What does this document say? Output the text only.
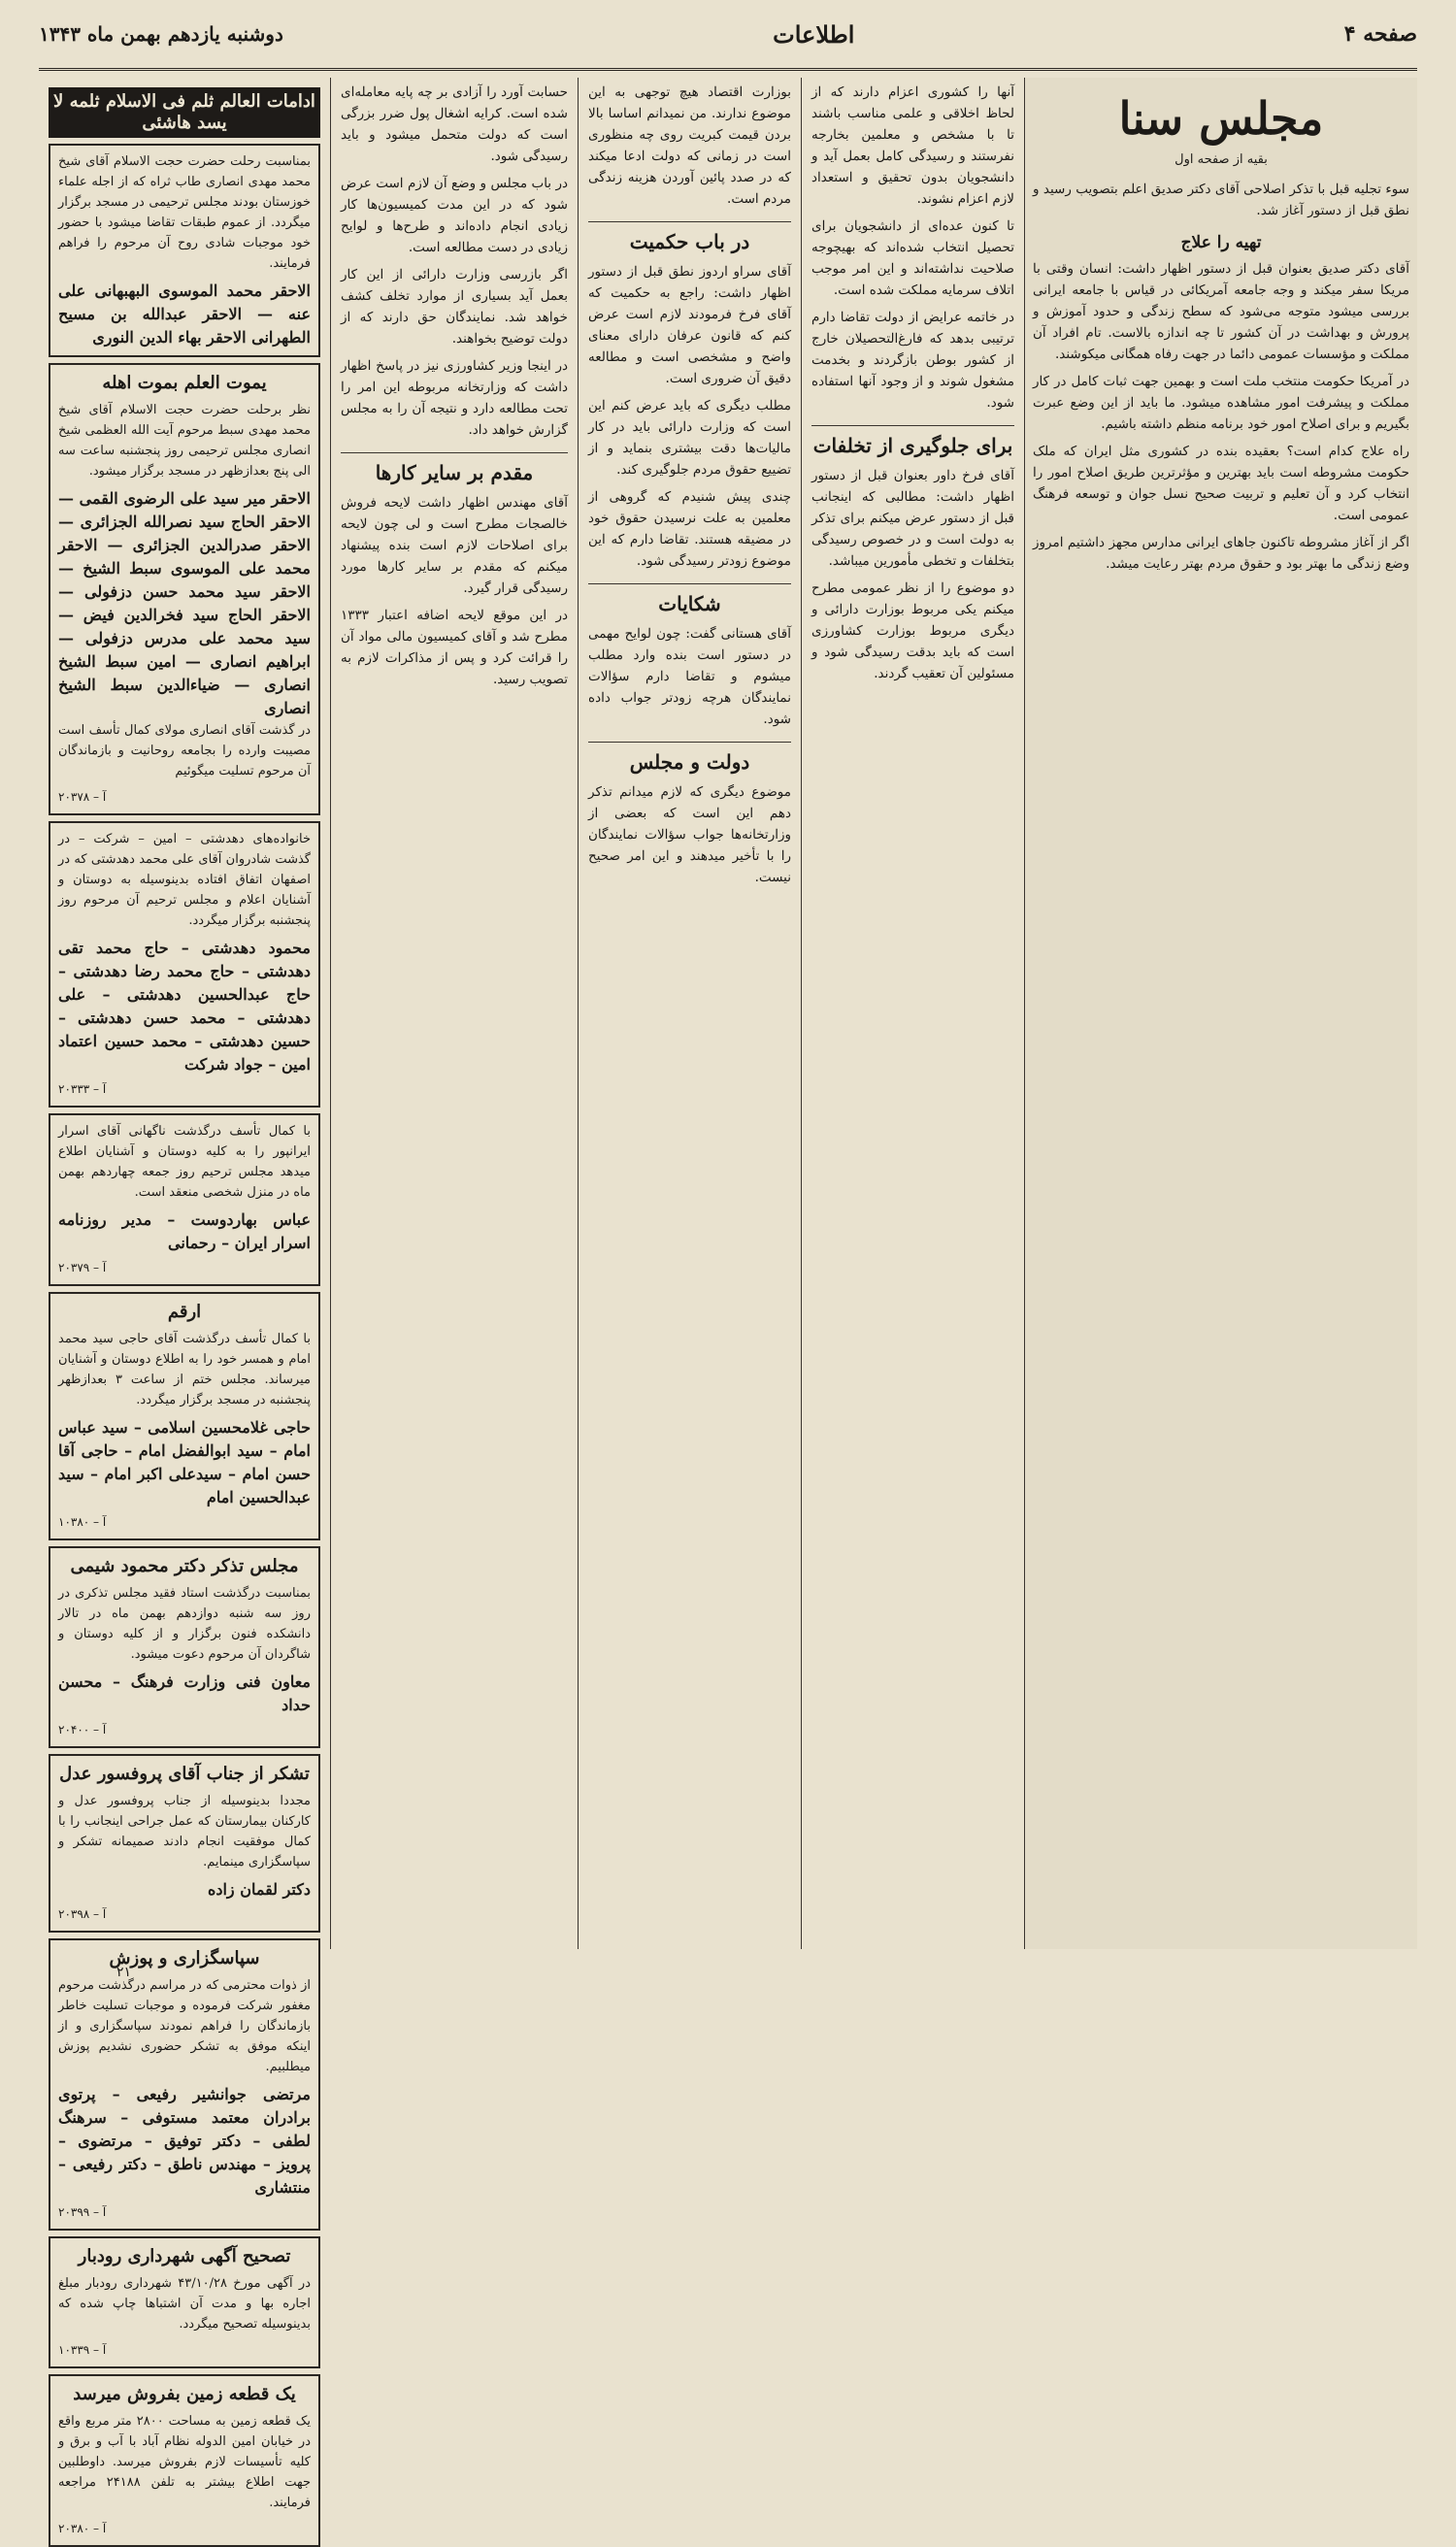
صفحه ۴
اطلاعات
دوشنبه یازدهم بهمن ماه ۱۳۴۳
مجلس سنا
بقیه از صفحه اول

سوء تجلیه قبل با تذکر اصلاحی آقای دکتر صدیق اعلم بتصویب رسید و نطق قبل از دستور آغاز شد.

تهیه را علاج

آقای دکتر صدیق بعنوان قبل از دستور اظهار داشت: انسان وقتی با مریکا سفر میکند و وجه جامعه آمریکائی در قیاس با جامعه ایرانی بررسی میشود متوجه می‌شود که سطح زندگی و حدود آموزش و پرورش و بهداشت در آن کشور تا چه اندازه بالاست. تام افراد آن مملکت و مؤسسات عمومی دائما در جهت رفاه همگانی میکوشند.

در آمریکا حکومت منتخب ملت است و بهمین جهت ثبات کامل در کار مملکت و پیشرفت امور مشاهده میشود. ما باید از این وضع عبرت بگیریم و برای اصلاح امور خود برنامه منظم داشته باشیم.

راه علاج کدام است؟ بعقیده بنده در کشوری مثل ایران که ملک حکومت مشروطه است باید بهترین و مؤثرترین طریق اصلاح امور را انتخاب کرد و آن تعلیم و تربیت صحیح نسل جوان و توسعه فرهنگ عمومی است.

اگر از آغاز مشروطه تاکنون جاهای ایرانی مدارس مجهز داشتیم امروز وضع زندگی ما بهتر بود و حقوق مردم بهتر رعایت میشد.

آنها را کشوری اعزام دارند که از لحاظ اخلاقی و علمی مناسب باشند تا با مشخص و معلمین بخارجه نفرستند و رسیدگی کامل بعمل آید و دانشجویان بدون تحقیق و استعداد لازم اعزام نشوند.

تا کنون عده‌ای از دانشجویان برای تحصیل انتخاب شده‌اند که بهیچوجه صلاحیت نداشته‌اند و این امر موجب اتلاف سرمایه مملکت شده است.

در خاتمه عرایض از دولت تقاضا دارم ترتیبی بدهد که فارغ‌التحصیلان خارج از کشور بوطن بازگردند و بخدمت مشغول شوند و از وجود آنها استفاده شود.

برای جلوگیری از تخلفات

آقای فرخ داور بعنوان قبل از دستور اظهار داشت: مطالبی که اینجانب قبل از دستور عرض میکنم برای تذکر به دولت است و در خصوص رسیدگی بتخلفات و تخطی مأمورین میباشد.

دو موضوع را از نظر عمومی مطرح میکنم یکی مربوط بوزارت دارائی و دیگری مربوط بوزارت کشاورزی است که باید بدقت رسیدگی شود و مسئولین آن تعقیب گردند.

بوزارت اقتصاد هیچ توجهی به این موضوع ندارند. من نمیدانم اساسا بالا بردن قیمت کبریت روی چه منظوری است در زمانی که دولت ادعا میکند که در صدد پائین آوردن هزینه زندگی مردم است.

در باب حکمیت

آقای سراو اردوز نطق قبل از دستور اظهار داشت: راجع به حکمیت که آقای فرخ فرمودند لازم است عرض کنم که قانون عرفان دارای معنای واضح و مشخصی است و مطالعه دقیق آن ضروری است.

مطلب دیگری که باید عرض کنم این است که وزارت دارائی باید در کار مالیات‌ها دقت بیشتری بنماید و از تضییع حقوق مردم جلوگیری کند.

چندی پیش شنیدم که گروهی از معلمین به علت نرسیدن حقوق خود در مضیقه هستند. تقاضا دارم که این موضوع زودتر رسیدگی شود.

شکایات

آقای هستانی گفت: چون لوایح مهمی در دستور است بنده وارد مطلب میشوم و تقاضا دارم سؤالات نمایندگان هرچه زودتر جواب داده شود.

دولت و مجلس

موضوع دیگری که لازم میدانم تذکر دهم این است که بعضی از وزارتخانه‌ها جواب سؤالات نمایندگان را با تأخیر میدهند و این امر صحیح نیست.

حسابت آورد را آزادی بر چه پایه معامله‌ای شده است. کرایه اشغال پول ضرر بزرگی است که دولت متحمل میشود و باید رسیدگی شود.

در باب مجلس و وضع آن لازم است عرض شود که در این مدت کمیسیون‌ها کار زیادی انجام داده‌اند و طرح‌ها و لوایح زیادی در دست مطالعه است.

اگر بازرسی وزارت دارائی از این کار بعمل آید بسیاری از موارد تخلف کشف خواهد شد. نمایندگان حق دارند که از دولت توضیح بخواهند.

در اینجا وزیر کشاورزی نیز در پاسخ اظهار داشت که وزارتخانه مربوطه این امر را تحت مطالعه دارد و نتیجه آن را به مجلس گزارش خواهد داد.

مقدم بر سایر کارها

آقای مهندس اظهار داشت لایحه فروش خالصجات مطرح است و لی چون لایحه برای اصلاحات لازم است بنده پیشنهاد میکنم که مقدم بر سایر کارها مورد رسیدگی قرار گیرد.

در این موقع لایحه اضافه اعتبار ۱۳۳۳ مطرح شد و آقای کمیسیون مالی مواد آن را قرائت کرد و پس از مذاکرات لازم به تصویب رسید.

ادامات العالم ثلم فی الاسلام ثلمه لا یسد هاشئی

بمناسبت رحلت حضرت حجت الاسلام آقای شیخ محمد مهدی انصاری طاب ثراه که از اجله علماء خوزستان بودند مجلس ترحیمی در مسجد برگزار میگردد. از عموم طبقات تقاضا میشود با حضور خود موجبات شادی روح آن مرحوم را فراهم فرمایند.

الاحقر محمد الموسوی البهبهانی علی عنه — الاحقر عبدالله بن مسیح الطهرانی الاحقر بهاء الدین النوری
یموت العلم بموت اهله

نظر برحلت حضرت حجت الاسلام آقای شیخ محمد مهدی سبط مرحوم آیت الله العظمی شیخ انصاری مجلس ترحیمی روز پنجشنبه ساعت سه الی پنج بعدازظهر در مسجد برگزار میشود.

الاحقر میر سید علی الرضوی القمی — الاحقر الحاج سید نصرالله الجزائری — الاحقر صدرالدین الجزائری — الاحقر محمد علی الموسوی سبط الشیخ — الاحقر سید محمد حسن دزفولی — الاحقر الحاج سید فخرالدین فیض — سید محمد علی مدرس دزفولی — ابراهیم انصاری — امین سبط الشیخ انصاری — ضیاءالدین سبط الشیخ انصاری

در گذشت آقای انصاری مولای کمال تأسف است مصیبت وارده را بجامعه روحانیت و بازماندگان آن مرحوم تسلیت میگوئیم

آ – ۲۰۳۷۸

خانواده‌های دهدشتی – امین – شرکت – در گذشت شادروان آقای علی محمد دهدشتی که در اصفهان اتفاق افتاده بدینوسیله به دوستان و آشنایان اعلام و مجلس ترحیم آن مرحوم روز پنجشنبه برگزار میگردد.

محمود دهدشتی – حاج محمد تقی دهدشتی – حاج محمد رضا دهدشتی – حاج عبدالحسین دهدشتی – علی دهدشتی – محمد حسن دهدشتی – حسین دهدشتی – محمد حسین اعتماد امین – جواد شرکت
آ – ۲۰۳۳۳

با کمال تأسف درگذشت ناگهانی آقای اسرار ایرانپور را به کلیه دوستان و آشنایان اطلاع میدهد مجلس ترحیم روز جمعه چهاردهم بهمن ماه در منزل شخصی منعقد است.

عباس بهاردوست – مدیر روزنامه اسرار ایران – رحمانی
آ – ۲۰۳۷۹
ارقم

با کمال تأسف درگذشت آقای حاجی سید محمد امام و همسر خود را به اطلاع دوستان و آشنایان میرساند. مجلس ختم از ساعت ۳ بعدازظهر پنجشنبه در مسجد برگزار میگردد.

حاجی غلامحسین اسلامی – سید عباس امام – سید ابوالفضل امام – حاجی آقا حسن امام – سیدعلی اکبر امام – سید عبدالحسین امام
آ – ۱۰۳۸۰
مجلس تذکر دکتر محمود شیمی

بمناسبت درگذشت استاد فقید مجلس تذکری در روز سه شنبه دوازدهم بهمن ماه در تالار دانشکده فنون برگزار و از کلیه دوستان و شاگردان آن مرحوم دعوت میشود.

معاون فنی وزارت فرهنگ – محسن حداد
آ – ۲۰۴۰۰
تشکر از جناب آقای پروفسور عدل

مجددا بدینوسیله از جناب پروفسور عدل و کارکنان بیمارستان که عمل جراحی اینجانب را با کمال موفقیت انجام دادند صمیمانه تشکر و سپاسگزاری مینمایم.

دکتر لقمان زاده
آ – ۲۰۳۹۸
سپاسگزاری و پوزش

از ذوات محترمی که در مراسم درگذشت مرحوم مغفور شرکت فرموده و موجبات تسلیت خاطر بازماندگان را فراهم نمودند سپاسگزاری و از اینکه موفق به تشکر حضوری نشدیم پوزش میطلبیم.

مرتضی جوانشیر رفیعی – پرتوی برادران معتمد مستوفی – سرهنگ لطفی – دکتر توفیق – مرتضوی – پرویز – مهندس ناطق – دکتر رفیعی – منتشاری
آ – ۲۰۳۹۹
تصحیح آگهی شهرداری رودبار

در آگهی مورخ ۴۳/۱۰/۲۸ شهرداری رودبار مبلغ اجاره بها و مدت آن اشتباها چاپ شده که بدینوسیله تصحیح میگردد.

آ – ۱۰۳۳۹
یک قطعه زمین بفروش میرسد

یک قطعه زمین به مساحت ۲۸۰۰ متر مربع واقع در خیابان امین الدوله نظام آباد با آب و برق و کلیه تأسیسات لازم بفروش میرسد. داوطلبین جهت اطلاع بیشتر به تلفن ۲۴۱۸۸ مراجعه فرمایند.

آ – ۲۰۳۸۰
۲۱
